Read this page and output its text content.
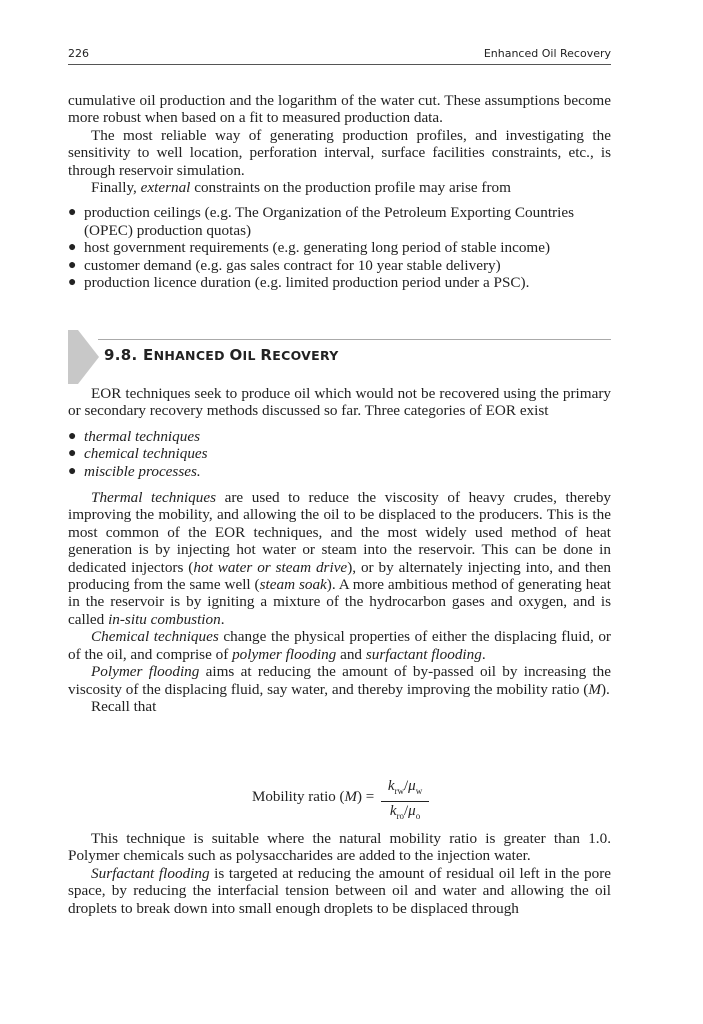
226	Enhanced Oil Recovery

cumulative oil production and the logarithm of the water cut. These assumptions become more robust when based on a fit to measured production data.

The most reliable way of generating production profiles, and investigating the sensitivity to well location, perforation interval, surface facilities constraints, etc., is through reservoir simulation.

Finally, external constraints on the production profile may arise from

● production ceilings (e.g. The Organization of the Petroleum Exporting Countries (OPEC) production quotas)
● host government requirements (e.g. generating long period of stable income)
● customer demand (e.g. gas sales contract for 10 year stable delivery)
● production licence duration (e.g. limited production period under a PSC).
9.8. ENHANCED OIL RECOVERY

EOR techniques seek to produce oil which would not be recovered using the primary or secondary recovery methods discussed so far. Three categories of EOR exist

● thermal techniques
● chemical techniques
● miscible processes.

Thermal techniques are used to reduce the viscosity of heavy crudes, thereby improving the mobility, and allowing the oil to be displaced to the producers. This is the most common of the EOR techniques, and the most widely used method of heat generation is by injecting hot water or steam into the reservoir. This can be done in dedicated injectors (hot water or steam drive), or by alternately injecting into, and then producing from the same well (steam soak). A more ambitious method of generating heat in the reservoir is by igniting a mixture of the hydrocarbon gases and oxygen, and is called in-situ combustion.

Chemical techniques change the physical properties of either the displacing fluid, or of the oil, and comprise of polymer flooding and surfactant flooding.

Polymer flooding aims at reducing the amount of by-passed oil by increasing the viscosity of the displacing fluid, say water, and thereby improving the mobility ratio (M).

Recall that

Mobility ratio (M) =
$k_{rw}/\mu_w$
$k_{ro}/\mu_o$

This technique is suitable where the natural mobility ratio is greater than 1.0. Polymer chemicals such as polysaccharides are added to the injection water.

Surfactant flooding is targeted at reducing the amount of residual oil left in the pore space, by reducing the interfacial tension between oil and water and allowing the oil droplets to break down into small enough droplets to be displaced through
